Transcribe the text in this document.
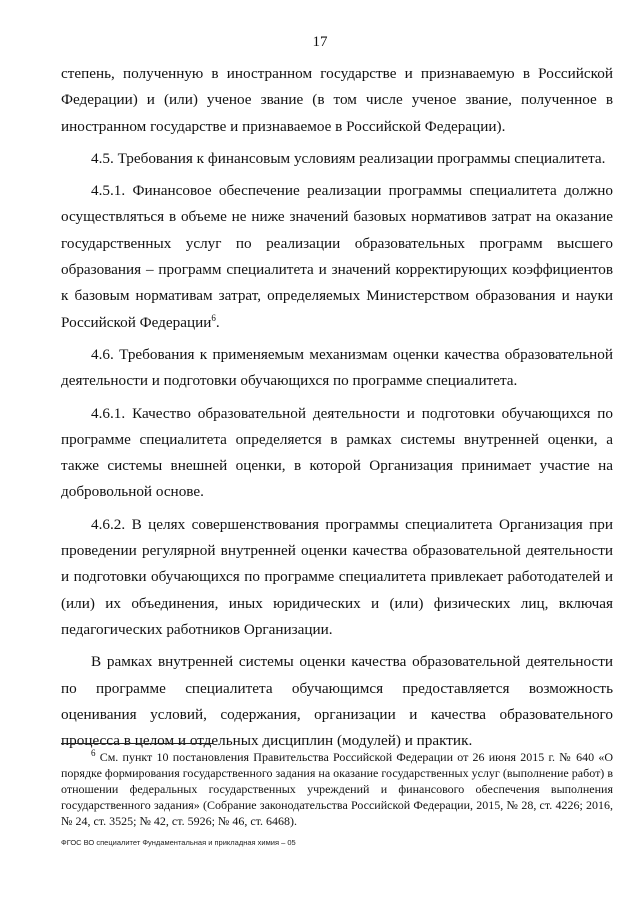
17

степень, полученную в иностранном государстве и признаваемую в Российской Федерации) и (или) ученое звание (в том числе ученое звание, полученное в иностранном государстве и признаваемое в Российской Федерации).

4.5. Требования к финансовым условиям реализации программы специалитета.

4.5.1. Финансовое обеспечение реализации программы специалитета должно осуществляться в объеме не ниже значений базовых нормативов затрат на оказание государственных услуг по реализации образовательных программ высшего образования – программ специалитета и значений корректирующих коэффициентов к базовым нормативам затрат, определяемых Министерством образования и науки Российской Федерации$^6$.

4.6. Требования к применяемым механизмам оценки качества образовательной деятельности и подготовки обучающихся по программе специалитета.

4.6.1. Качество образовательной деятельности и подготовки обучающихся по программе специалитета определяется в рамках системы внутренней оценки, а также системы внешней оценки, в которой Организация принимает участие на добровольной основе.

4.6.2. В целях совершенствования программы специалитета Организация при проведении регулярной внутренней оценки качества образовательной деятельности и подготовки обучающихся по программе специалитета привлекает работодателей и (или) их объединения, иных юридических и (или) физических лиц, включая педагогических работников Организации.

В рамках внутренней системы оценки качества образовательной деятельности по программе специалитета обучающимся предоставляется возможность оценивания условий, содержания, организации и качества образовательного процесса в целом и отдельных дисциплин (модулей) и практик.

$^6$ См. пункт 10 постановления Правительства Российской Федерации от 26 июня 2015 г. № 640 «О порядке формирования государственного задания на оказание государственных услуг (выполнение работ) в отношении федеральных государственных учреждений и финансового обеспечения выполнения государственного задания» (Собрание законодательства Российской Федерации, 2015, № 28, ст. 4226; 2016, № 24, ст. 3525; № 42, ст. 5926; № 46, ст. 6468).

ФГОС ВО специалитет Фундаментальная и прикладная химия – 05
